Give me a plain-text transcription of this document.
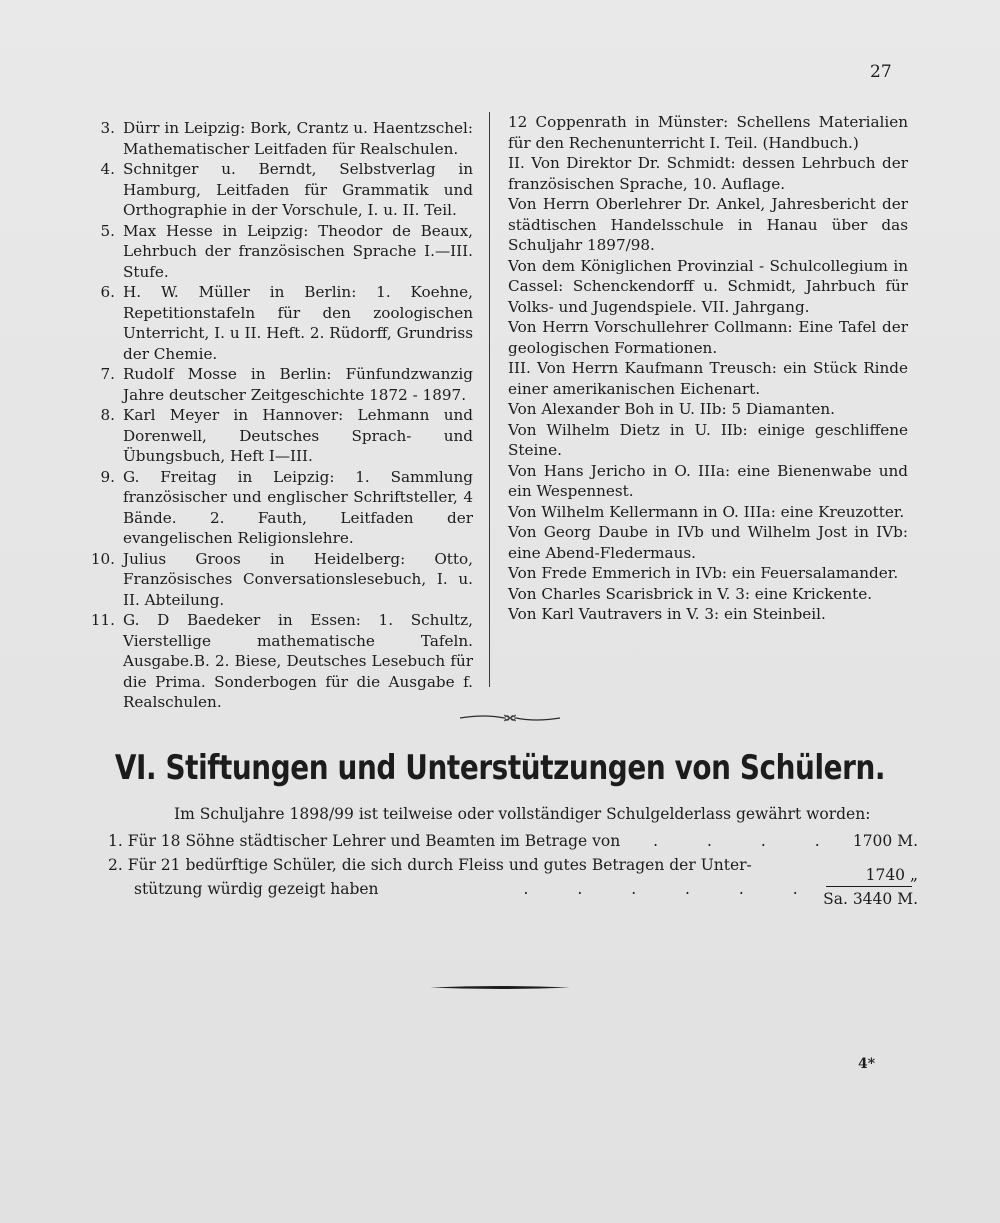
27
3. Dürr in Leipzig: Bork, Crantz u. Haentzschel: Mathematischer Leitfaden für Realschulen.
4. Schnitger u. Berndt, Selbstverlag in Hamburg, Leitfaden für Grammatik und Orthographie in der Vorschule, I. u. II. Teil.
5. Max Hesse in Leipzig: Theodor de Beaux, Lehrbuch der französischen Sprache I.—III. Stufe.
6. H. W. Müller in Berlin: 1. Koehne, Repetitionstafeln für den zoologischen Unterricht, I. u II. Heft. 2. Rüdorff, Grundriss der Chemie.
7. Rudolf Mosse in Berlin: Fünfundzwanzig Jahre deutscher Zeitgeschichte 1872 - 1897.
8. Karl Meyer in Hannover: Lehmann und Dorenwell, Deutsches Sprach- und Übungsbuch, Heft I—III.
9. G. Freitag in Leipzig: 1. Sammlung französischer und englischer Schriftsteller, 4 Bände. 2. Fauth, Leitfaden der evangelischen Religionslehre.
10. Julius Groos in Heidelberg: Otto, Französisches Conversationslesebuch, I. u. II. Abteilung.
11. G. D Baedeker in Essen: 1. Schultz, Vierstellige mathematische Tafeln. Ausgabe.B. 2. Biese, Deutsches Lesebuch für die Prima. Sonderbogen für die Ausgabe f. Realschulen.
12 Coppenrath in Münster: Schellens Materialien für den Rechenunterricht I. Teil. (Handbuch.)
II. Von Direktor Dr. Schmidt: dessen Lehrbuch der französischen Sprache, 10. Auflage.
Von Herrn Oberlehrer Dr. Ankel, Jahresbericht der städtischen Handelsschule in Hanau über das Schuljahr 1897/98.
Von dem Königlichen Provinzial - Schulcollegium in Cassel: Schenckendorff u. Schmidt, Jahrbuch für Volks- und Jugendspiele. VII. Jahrgang.
Von Herrn Vorschullehrer Collmann: Eine Tafel der geologischen Formationen.
III. Von Herrn Kaufmann Treusch: ein Stück Rinde einer amerikanischen Eichenart.
Von Alexander Boh in U. IIb: 5 Diamanten.
Von Wilhelm Dietz in U. IIb: einige geschliffene Steine.
Von Hans Jericho in O. IIIa: eine Bienenwabe und ein Wespennest.
Von Wilhelm Kellermann in O. IIIa: eine Kreuzotter.
Von Georg Daube in IVb und Wilhelm Jost in IVb: eine Abend-Fledermaus.
Von Frede Emmerich in IVb: ein Feuersalamander.
Von Charles Scarisbrick in V. 3: eine Krickente.
Von Karl Vautravers in V. 3: ein Steinbeil.
VI. Stiftungen und Unterstützungen von Schülern.
Im Schuljahre 1898/99 ist teilweise oder vollständiger Schulgelderlass gewährt worden:
1. Für 18 Söhne städtischer Lehrer und Beamten im Betrage von . . . . 1700 M.
2. Für 21 bedürftige Schüler, die sich durch Fleiss und gutes Betragen der Unter-
stützung würdig gezeigt haben	. . . . . .
1740 „
Sa. 3440 M.
4*
